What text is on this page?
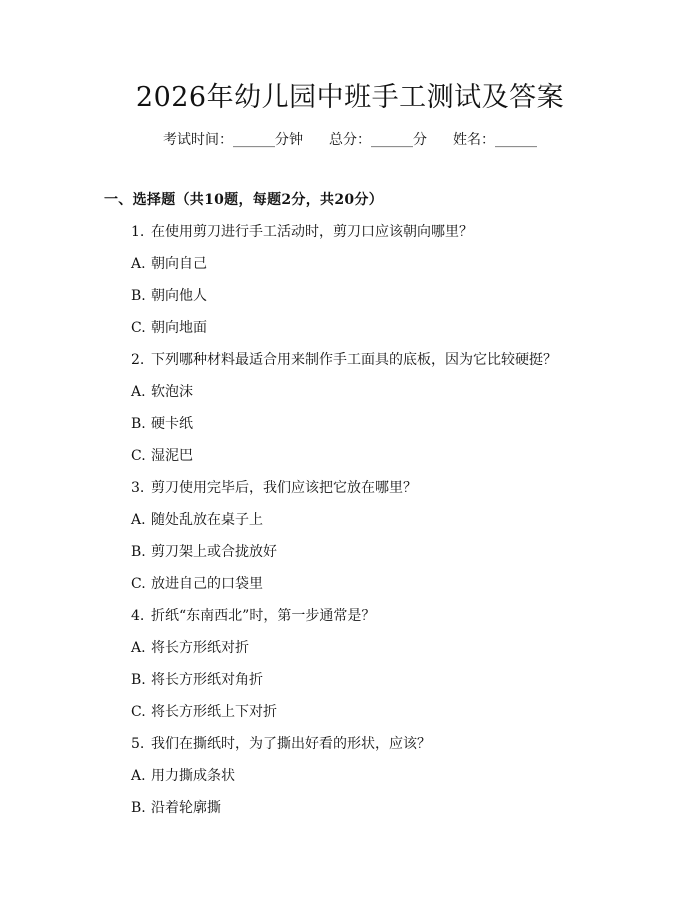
2026年幼儿园中班手工测试及答案
考试时间：______分钟 总分：______分 姓名：______
一、选择题（共10题，每题2分，共20分）
1. 在使用剪刀进行手工活动时，剪刀口应该朝向哪里？
A. 朝向自己
B. 朝向他人
C. 朝向地面
2. 下列哪种材料最适合用来制作手工面具的底板，因为它比较硬挺？
A. 软泡沫
B. 硬卡纸
C. 湿泥巴
3. 剪刀使用完毕后，我们应该把它放在哪里？
A. 随处乱放在桌子上
B. 剪刀架上或合拢放好
C. 放进自己的口袋里
4. 折纸“东南西北”时，第一步通常是？
A. 将长方形纸对折
B. 将长方形纸对角折
C. 将长方形纸上下对折
5. 我们在撕纸时，为了撕出好看的形状，应该？
A. 用力撕成条状
B. 沿着轮廓撕
